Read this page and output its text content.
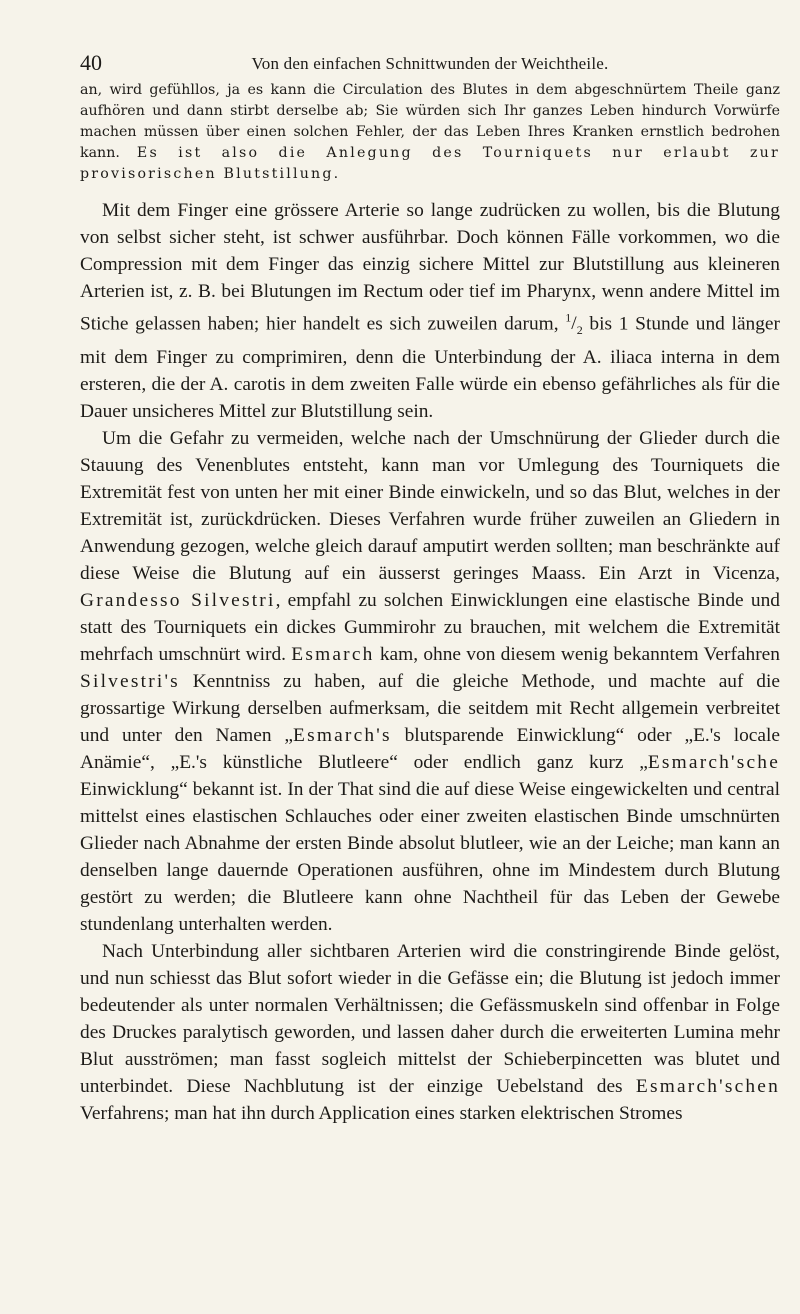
40	Von den einfachen Schnittwunden der Weichtheile.

an, wird gefühllos, ja es kann die Circulation des Blutes in dem abgeschnürtem Theile ganz aufhören und dann stirbt derselbe ab; Sie würden sich Ihr ganzes Leben hindurch Vorwürfe machen müssen über einen solchen Fehler, der das Leben Ihres Kranken ernstlich bedrohen kann. Es ist also die Anlegung des Tourniquets nur erlaubt zur provisorischen Blutstillung.

Mit dem Finger eine grössere Arterie so lange zudrücken zu wollen, bis die Blutung von selbst sicher steht, ist schwer ausführbar. Doch können Fälle vorkommen, wo die Compression mit dem Finger das einzig sichere Mittel zur Blutstillung aus kleineren Arterien ist, z. B. bei Blutungen im Rectum oder tief im Pharynx, wenn andere Mittel im Stiche gelassen haben; hier handelt es sich zuweilen darum, $^1/_2$ bis 1 Stunde und länger mit dem Finger zu comprimiren, denn die Unterbindung der A. iliaca interna in dem ersteren, die der A. carotis in dem zweiten Falle würde ein ebenso gefährliches als für die Dauer unsicheres Mittel zur Blutstillung sein.

Um die Gefahr zu vermeiden, welche nach der Umschnürung der Glieder durch die Stauung des Venenblutes entsteht, kann man vor Umlegung des Tourniquets die Extremität fest von unten her mit einer Binde einwickeln, und so das Blut, welches in der Extremität ist, zurückdrücken. Dieses Verfahren wurde früher zuweilen an Gliedern in Anwendung gezogen, welche gleich darauf amputirt werden sollten; man beschränkte auf diese Weise die Blutung auf ein äusserst geringes Maass. Ein Arzt in Vicenza, Grandesso Silvestri, empfahl zu solchen Einwicklungen eine elastische Binde und statt des Tourniquets ein dickes Gummirohr zu brauchen, mit welchem die Extremität mehrfach umschnürt wird. Esmarch kam, ohne von diesem wenig bekanntem Verfahren Silvestri's Kenntniss zu haben, auf die gleiche Methode, und machte auf die grossartige Wirkung derselben aufmerksam, die seitdem mit Recht allgemein verbreitet und unter den Namen „Esmarch's blutsparende Einwicklung“ oder „E.'s locale Anämie“, „E.'s künstliche Blutleere“ oder endlich ganz kurz „Esmarch'sche Einwicklung“ bekannt ist. In der That sind die auf diese Weise eingewickelten und central mittelst eines elastischen Schlauches oder einer zweiten elastischen Binde umschnürten Glieder nach Abnahme der ersten Binde absolut blutleer, wie an der Leiche; man kann an denselben lange dauernde Operationen ausführen, ohne im Mindestem durch Blutung gestört zu werden; die Blutleere kann ohne Nachtheil für das Leben der Gewebe stundenlang unterhalten werden.

Nach Unterbindung aller sichtbaren Arterien wird die constringirende Binde gelöst, und nun schiesst das Blut sofort wieder in die Gefässe ein; die Blutung ist jedoch immer bedeutender als unter normalen Verhältnissen; die Gefässmuskeln sind offenbar in Folge des Druckes paralytisch geworden, und lassen daher durch die erweiterten Lumina mehr Blut ausströmen; man fasst sogleich mittelst der Schieberpincetten was blutet und unterbindet. Diese Nachblutung ist der einzige Uebelstand des Esmarch'schen Verfahrens; man hat ihn durch Application eines starken elektrischen Stromes
